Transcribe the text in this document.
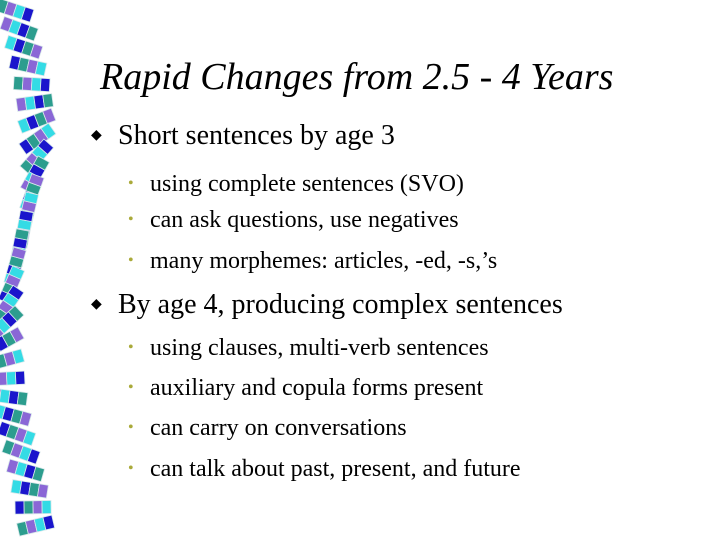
Rapid Changes from 2.5 - 4 Years
◆ Short sentences by age 3
• using complete sentences (SVO)
• can ask questions, use negatives
• many morphemes: articles, -ed, -s,’s
◆ By age 4, producing complex sentences
• using clauses, multi-verb sentences
• auxiliary and copula forms present
• can carry on conversations
• can talk about past, present, and future
